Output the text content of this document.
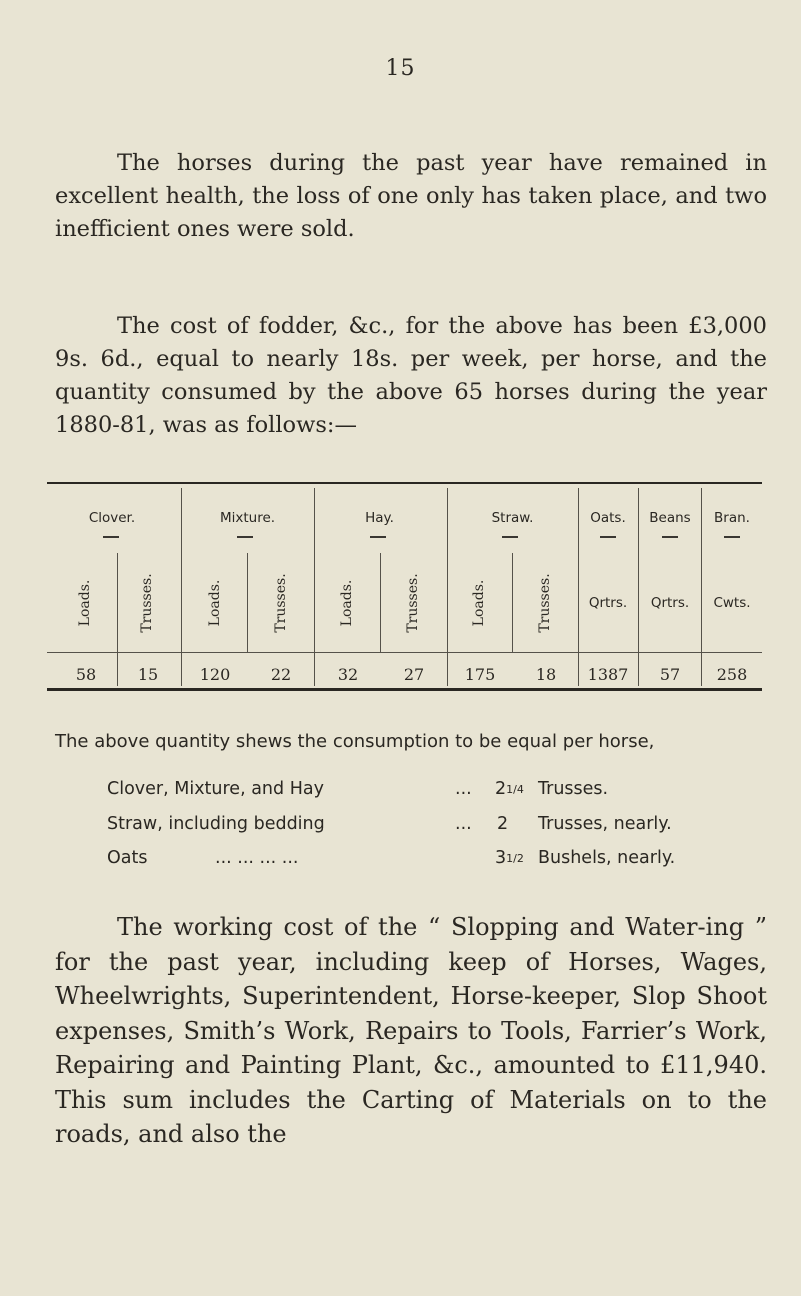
15

The horses during the past year have remained in excellent health, the loss of one only has taken place, and two inefficient ones were sold.

The cost of fodder, &c., for the above has been £3,000 9s. 6d., equal to nearly 18s. per week, per horse, and the quantity consumed by the above 65 horses during the year 1880-81, was as follows:—

Clover.	Mixture.	Hay.	Straw.	Oats.	Beans	Bran.
Loads.	Trusses.	Loads.	Trusses.	Loads.	Trusses.	Loads.	Trusses.	Qrtrs.	Qrtrs.	Cwts.
58	15	120	22	32	27	175	18	1387	57	258
The above quantity shews the consumption to be equal per horse,
Clover, Mixture, and Hay	... 21/4 Trusses.
Straw, including bedding	... 2 Trusses, nearly.
Oats	... ... ... ...	31/2 Bushels, nearly.

The working cost of the “ Slopping and Water-ing ” for the past year, including keep of Horses, Wages, Wheelwrights, Superintendent, Horse-keeper, Slop Shoot expenses, Smith’s Work, Repairs to Tools, Farrier’s Work, Repairing and Painting Plant, &c., amounted to £11,940. This sum includes the Carting of Materials on to the roads, and also the
